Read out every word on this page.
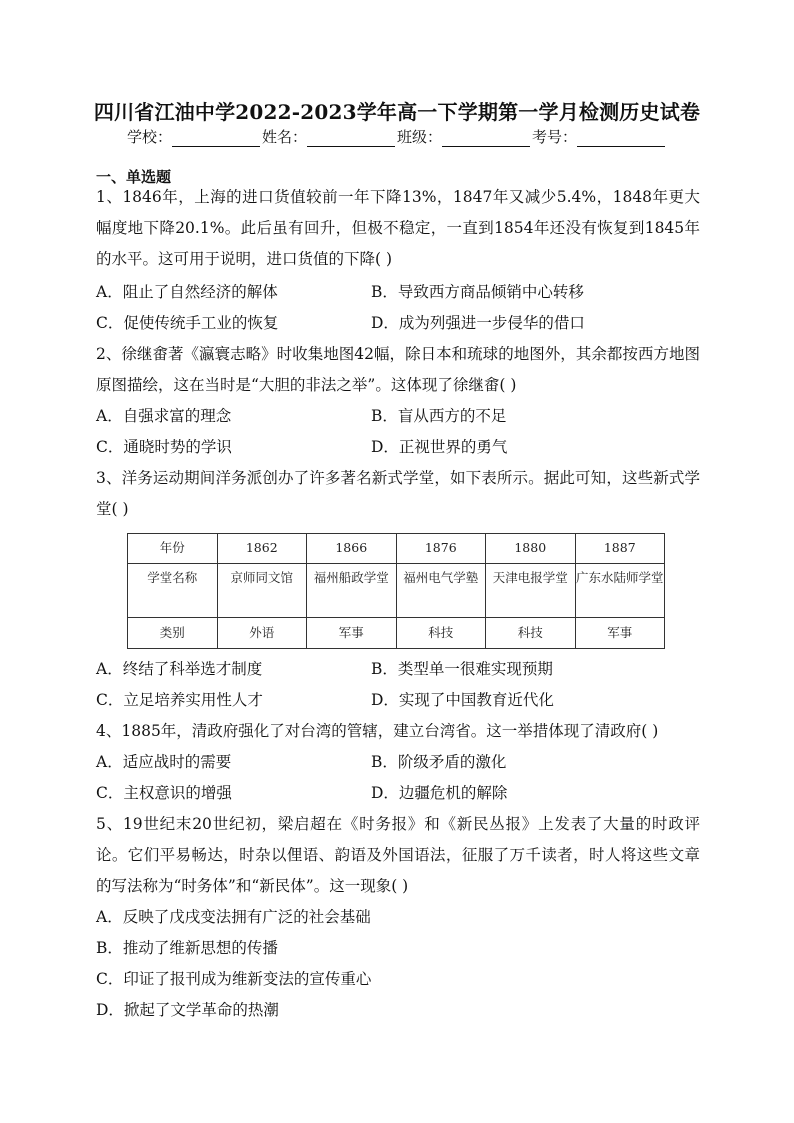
四川省江油中学2022-2023学年高一下学期第一学月检测历史试卷
学校：	姓名：	班级：	考号：
一、单选题
1、1846年，上海的进口货值较前一年下降13%，1847年又减少5.4%，1848年更大幅度地下降20.1%。此后虽有回升，但极不稳定，一直到1854年还没有恢复到1845年的水平。这可用于说明，进口货值的下降( )
A．阻止了自然经济的解体	B．导致西方商品倾销中心转移
C．促使传统手工业的恢复	D．成为列强进一步侵华的借口
2、徐继畬著《瀛寰志略》时收集地图42幅，除日本和琉球的地图外，其余都按西方地图原图描绘，这在当时是“大胆的非法之举”。这体现了徐继畬( )
A．自强求富的理念	B．盲从西方的不足
C．通晓时势的学识	D．正视世界的勇气
3、洋务运动期间洋务派创办了许多著名新式学堂，如下表所示。据此可知，这些新式学堂( )
年份	1862	1866	1876	1880	1887
学堂名称	京师同文馆	福州船政学堂	福州电气学塾	天津电报学堂	广东水陆师学堂
类别	外语	军事	科技	科技	军事
A．终结了科举选才制度	B．类型单一很难实现预期
C．立足培养实用性人才	D．实现了中国教育近代化
4、1885年，清政府强化了对台湾的管辖，建立台湾省。这一举措体现了清政府( )
A．适应战时的需要	B．阶级矛盾的激化
C．主权意识的增强	D．边疆危机的解除
5、19世纪末20世纪初，梁启超在《时务报》和《新民丛报》上发表了大量的时政评论。它们平易畅达，时杂以俚语、韵语及外国语法，征服了万千读者，时人将这些文章的写法称为“时务体”和“新民体”。这一现象( )
A．反映了戊戌变法拥有广泛的社会基础
B．推动了维新思想的传播
C．印证了报刊成为维新变法的宣传重心
D．掀起了文学革命的热潮
